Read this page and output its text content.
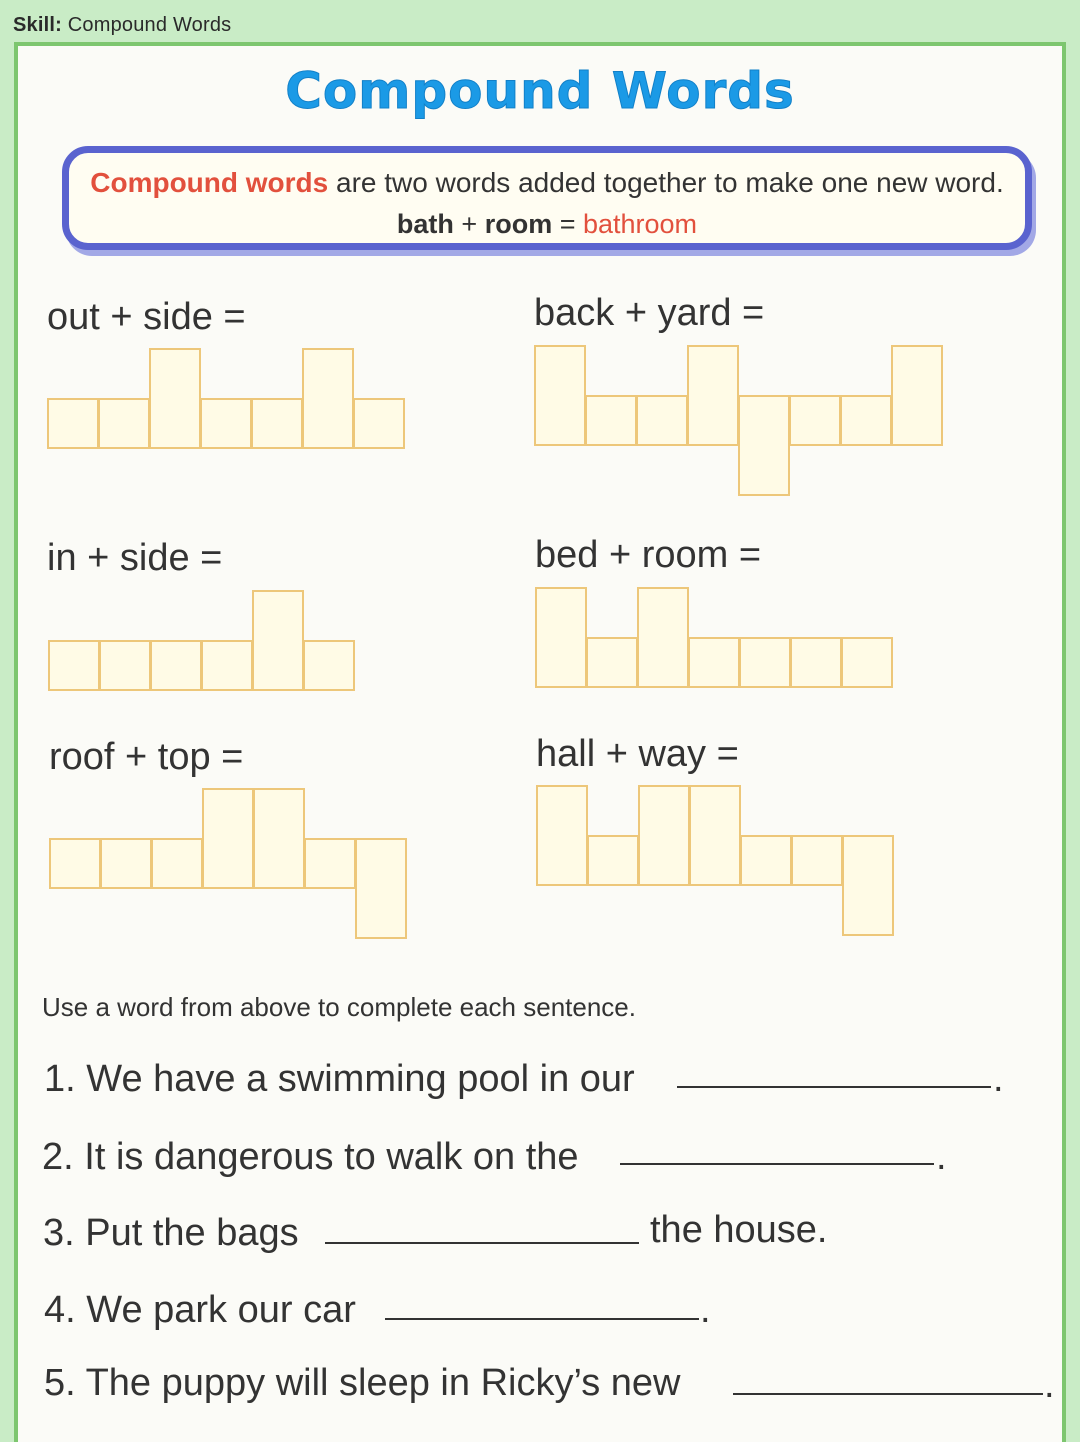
Skill: Compound Words
Compound Words
Compound words are two words added together to make one new word.
bath + room = bathroom
out + side =	back + yard =
in + side =	bed + room =
roof + top =	hall + way =
Use a word from above to complete each sentence.
1. We have a swimming pool in our	.
2. It is dangerous to walk on the	.
3. Put the bags	the house.
4. We park our car	.
5. The puppy will sleep in Ricky’s new	.
